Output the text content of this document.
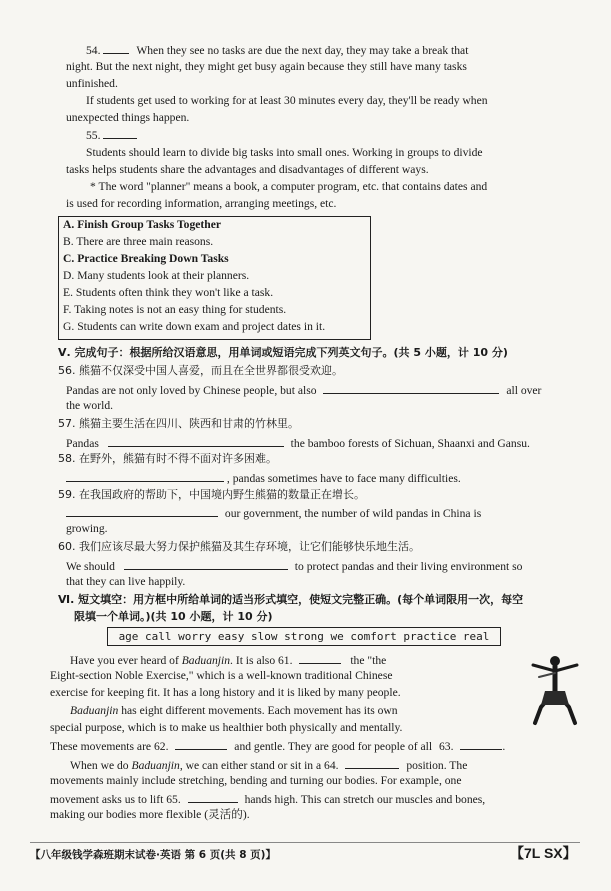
54.	When they see no tasks are due the next day, they may take a break that
night. But the next night, they might get busy again because they still have many tasks
unfinished.
If students get used to working for at least 30 minutes every day, they'll be ready when
unexpected things happen.
55.
Students should learn to divide big tasks into small ones. Working in groups to divide
tasks helps students share the advantages and disadvantages of different ways.
* The word "planner" means a book, a computer program, etc. that contains dates and
is used for recording information, arranging meetings, etc.
A. Finish Group Tasks Together
B. There are three main reasons.
C. Practice Breaking Down Tasks
D. Many students look at their planners.
E. Students often think they won't like a task.
F. Taking notes is not an easy thing for students.
G. Students can write down exam and project dates in it.
Ⅴ. 完成句子：根据所给汉语意思，用单词或短语完成下列英文句子。(共 5 小题，计 10 分)
56. 熊猫不仅深受中国人喜爱，而且在全世界都很受欢迎。
Pandas are not only loved by Chinese people, but also	all over
the world.
57. 熊猫主要生活在四川、陕西和甘肃的竹林里。
Pandas	the bamboo forests of Sichuan, Shaanxi and Gansu.
58. 在野外，熊猫有时不得不面对许多困难。
, pandas sometimes have to face many difficulties.
59. 在我国政府的帮助下，中国境内野生熊猫的数量正在增长。
our government, the number of wild pandas in China is
growing.
60. 我们应该尽最大努力保护熊猫及其生存环境，让它们能够快乐地生活。
We should	to protect pandas and their living environment so
that they can live happily.
Ⅵ. 短文填空：用方框中所给单词的适当形式填空，使短文完整正确。(每个单词限用一次，每空
限填一个单词。)(共 10 小题，计 10 分)
age call worry easy slow strong we comfort practice real
Have you ever heard of Baduanjin. It is also 61.	the "the
Eight-section Noble Exercise," which is a well-known traditional Chinese
exercise for keeping fit. It has a long history and it is liked by many people.
Baduanjin has eight different movements. Each movement has its own
special purpose, which is to make us healthier both physically and mentally.
These movements are 62.	and gentle. They are good for people of all 63.	.
When we do Baduanjin, we can either stand or sit in a 64.	position. The
movements mainly include stretching, bending and turning our bodies. For example, one
movement asks us to lift 65.	hands high. This can stretch our muscles and bones,
making our bodies more flexible (灵活的).
【八年级钱学森班期末试卷·英语 第 6 页(共 8 页)】	【7L SX】
